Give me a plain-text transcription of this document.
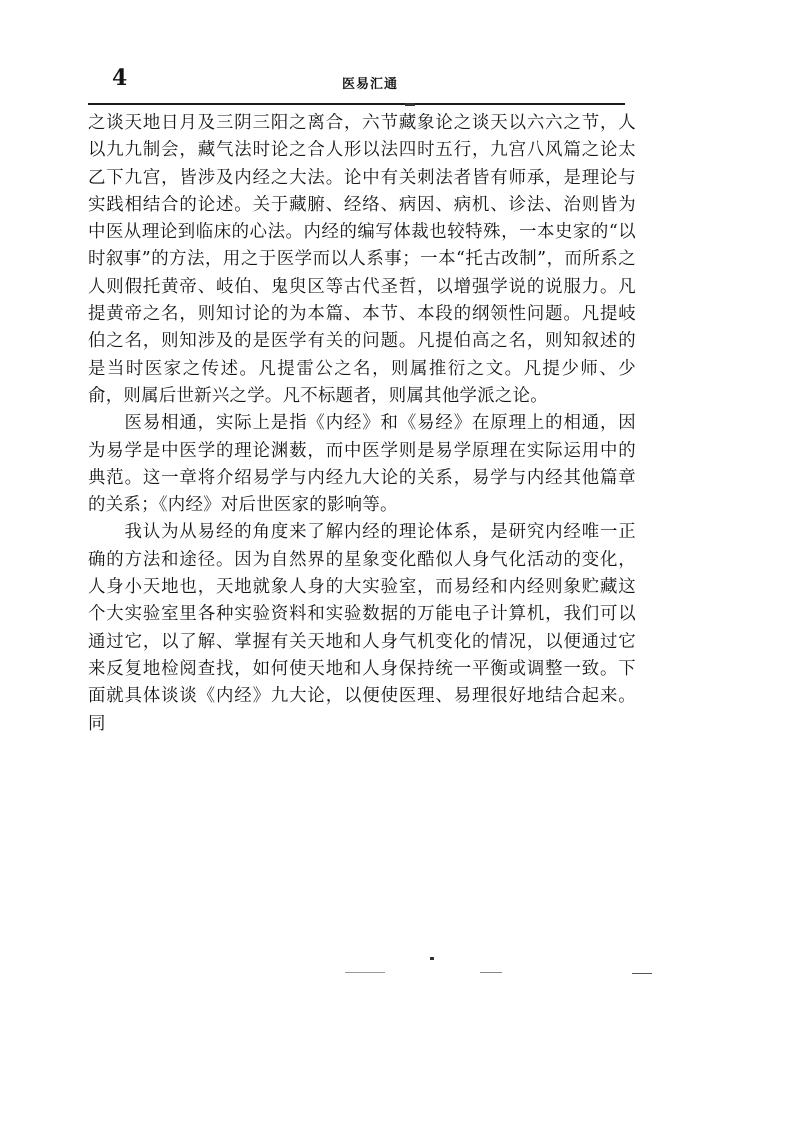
4	医易汇通

之谈天地日月及三阴三阳之离合，六节藏象论之谈天以六六之节，人以九九制会，藏气法时论之合人形以法四时五行，九宫八风篇之论太乙下九宫，皆涉及内经之大法。论中有关刺法者皆有师承，是理论与实践相结合的论述。关于藏腑、经络、病因、病机、诊法、治则皆为中医从理论到临床的心法。内经的编写体裁也较特殊，一本史家的“以时叙事”的方法，用之于医学而以人系事；一本“托古改制”，而所系之人则假托黄帝、岐伯、鬼臾区等古代圣哲，以增强学说的说服力。凡提黄帝之名，则知讨论的为本篇、本节、本段的纲领性问题。凡提岐伯之名，则知涉及的是医学有关的问题。凡提伯高之名，则知叙述的是当时医家之传述。凡提雷公之名，则属推衍之文。凡提少师、少俞，则属后世新兴之学。凡不标题者，则属其他学派之论。

医易相通，实际上是指《内经》和《易经》在原理上的相通，因为易学是中医学的理论渊薮，而中医学则是易学原理在实际运用中的典范。这一章将介绍易学与内经九大论的关系，易学与内经其他篇章的关系；《内经》对后世医家的影响等。

我认为从易经的角度来了解内经的理论体系，是研究内经唯一正确的方法和途径。因为自然界的星象变化酷似人身气化活动的变化，人身小天地也，天地就象人身的大实验室，而易经和内经则象贮藏这个大实验室里各种实验资料和实验数据的万能电子计算机，我们可以通过它，以了解、掌握有关天地和人身气机变化的情况，以便通过它来反复地检阅查找，如何使天地和人身保持统一平衡或调整一致。下面就具体谈谈《内经》九大论，以便使医理、易理很好地结合起来。同
